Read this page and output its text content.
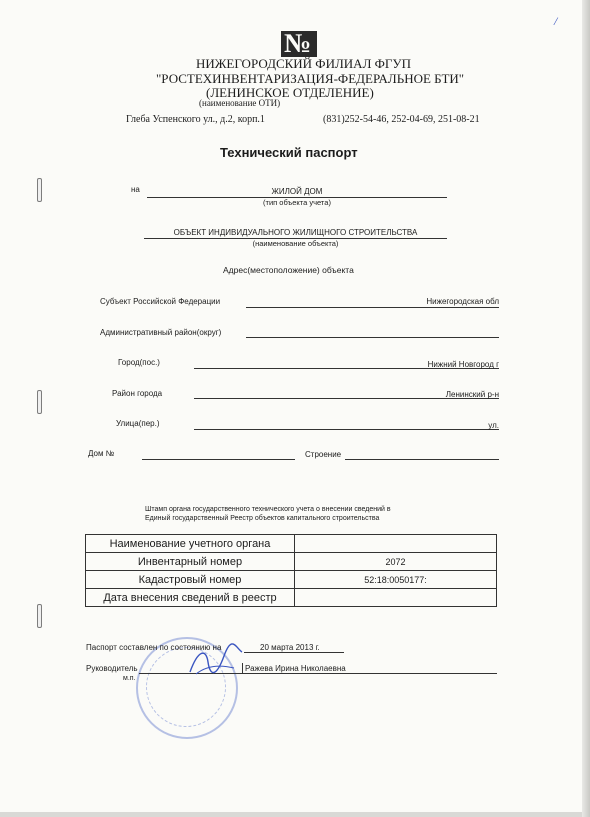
/
№
НИЖЕГОРОДСКИЙ ФИЛИАЛ ФГУП
"РОСТЕХИНВЕНТАРИЗАЦИЯ-ФЕДЕРАЛЬНОЕ БТИ"
(ЛЕНИНСКОЕ ОТДЕЛЕНИЕ)
(наименование ОТИ)
Глеба Успенского ул., д.2, корп.1	(831)252-54-46, 252-04-69, 251-08-21
Технический паспорт
на	ЖИЛОЙ ДОМ
(тип объекта учета)
ОБЪЕКТ ИНДИВИДУАЛЬНОГО ЖИЛИЩНОГО СТРОИТЕЛЬСТВА
(наименование объекта)
Адрес(местоположение) объекта
Субъект Российской Федерации	Нижегородская обл
Административный район(округ)
Город(пос.)	Нижний Новгород г
Район города	Ленинский р-н
Улица(пер.)	ул.
Дом №	Строение
Штамп органа государственного технического учета о внесении сведений в
Единый государственный Реестр объектов капитального строительства
Наименование учетного органа	
Инвентарный номер	2072
Кадастровый номер	52:18:0050177:
Дата внесения сведений в реестр	
Паспорт составлен по состоянию на	20 марта 2013 г.
Руководитель	Ражева Ирина Николаевна
м.п.
